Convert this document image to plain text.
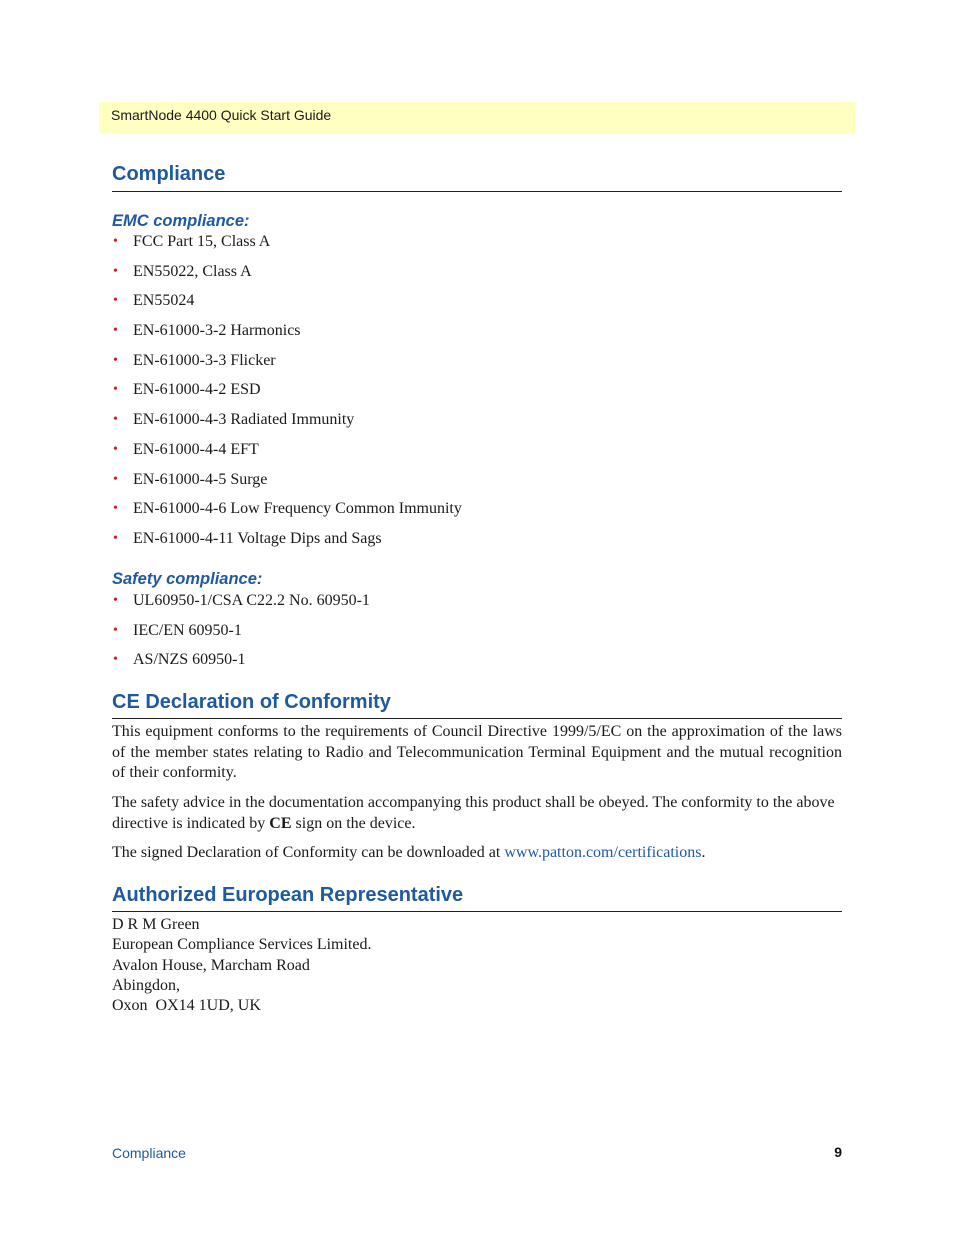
SmartNode 4400 Quick Start Guide
Compliance
EMC compliance:
• FCC Part 15, Class A
• EN55022, Class A
• EN55024
• EN-61000-3-2 Harmonics
• EN-61000-3-3 Flicker
• EN-61000-4-2 ESD
• EN-61000-4-3 Radiated Immunity
• EN-61000-4-4 EFT
• EN-61000-4-5 Surge
• EN-61000-4-6 Low Frequency Common Immunity
• EN-61000-4-11 Voltage Dips and Sags
Safety compliance:
• UL60950-1/CSA C22.2 No. 60950-1
• IEC/EN 60950-1
• AS/NZS 60950-1
CE Declaration of Conformity

This equipment conforms to the requirements of Council Directive 1999/5/EC on the approximation of the laws of the member states relating to Radio and Telecommunication Terminal Equipment and the mutual recognition of their conformity.

The safety advice in the documentation accompanying this product shall be obeyed. The conformity to the above directive is indicated by CE sign on the device.

The signed Declaration of Conformity can be downloaded at www.patton.com/certifications.

Authorized European Representative
D R M Green
European Compliance Services Limited.
Avalon House, Marcham Road
Abingdon,
Oxon  OX14 1UD, UK
Compliance	9
